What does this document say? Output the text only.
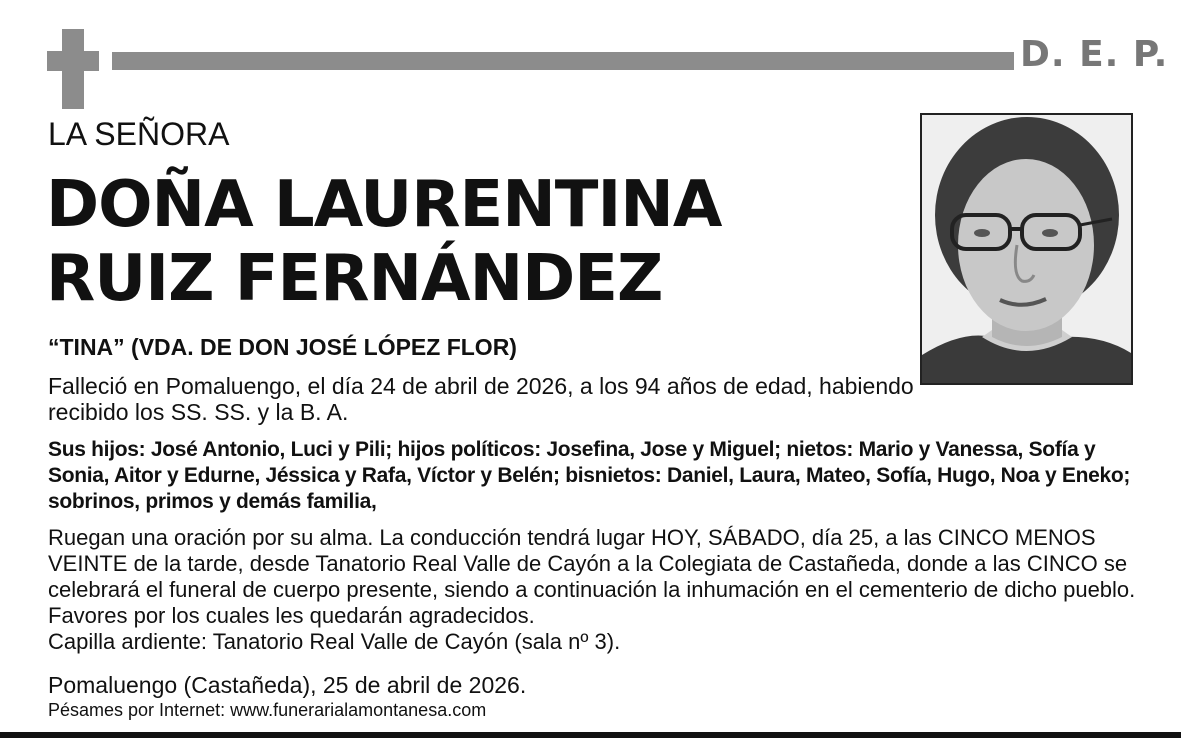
D. E. P.
LA SEÑORA
DOÑA LAURENTINA
RUIZ FERNÁNDEZ
“TINA” (VDA. DE DON JOSÉ LÓPEZ FLOR)
Falleció en Pomaluengo, el día 24 de abril de 2026, a los 94 años de edad, habiendo recibido los SS. SS. y la B. A.
Sus hijos: José Antonio, Luci y Pili; hijos políticos: Josefina, Jose y Miguel; nietos: Mario y Vanessa, Sofía y Sonia, Aitor y Edurne, Jéssica y Rafa, Víctor y Belén; bisnietos: Daniel, Laura, Mateo, Sofía, Hugo, Noa y Eneko; sobrinos, primos y demás familia,
Ruegan una oración por su alma. La conducción tendrá lugar HOY, SÁBADO, día 25, a las CINCO MENOS VEINTE de la tarde, desde Tanatorio Real Valle de Cayón a la Colegiata de Castañeda, donde a las CINCO se celebrará el funeral de cuerpo presente, siendo a continuación la inhumación en el cementerio de dicho pueblo. Favores por los cuales les quedarán agradecidos.
Capilla ardiente: Tanatorio Real Valle de Cayón (sala nº 3).
Pomaluengo (Castañeda), 25 de abril de 2026.
Pésames por Internet: www.funerarialamontanesa.com
